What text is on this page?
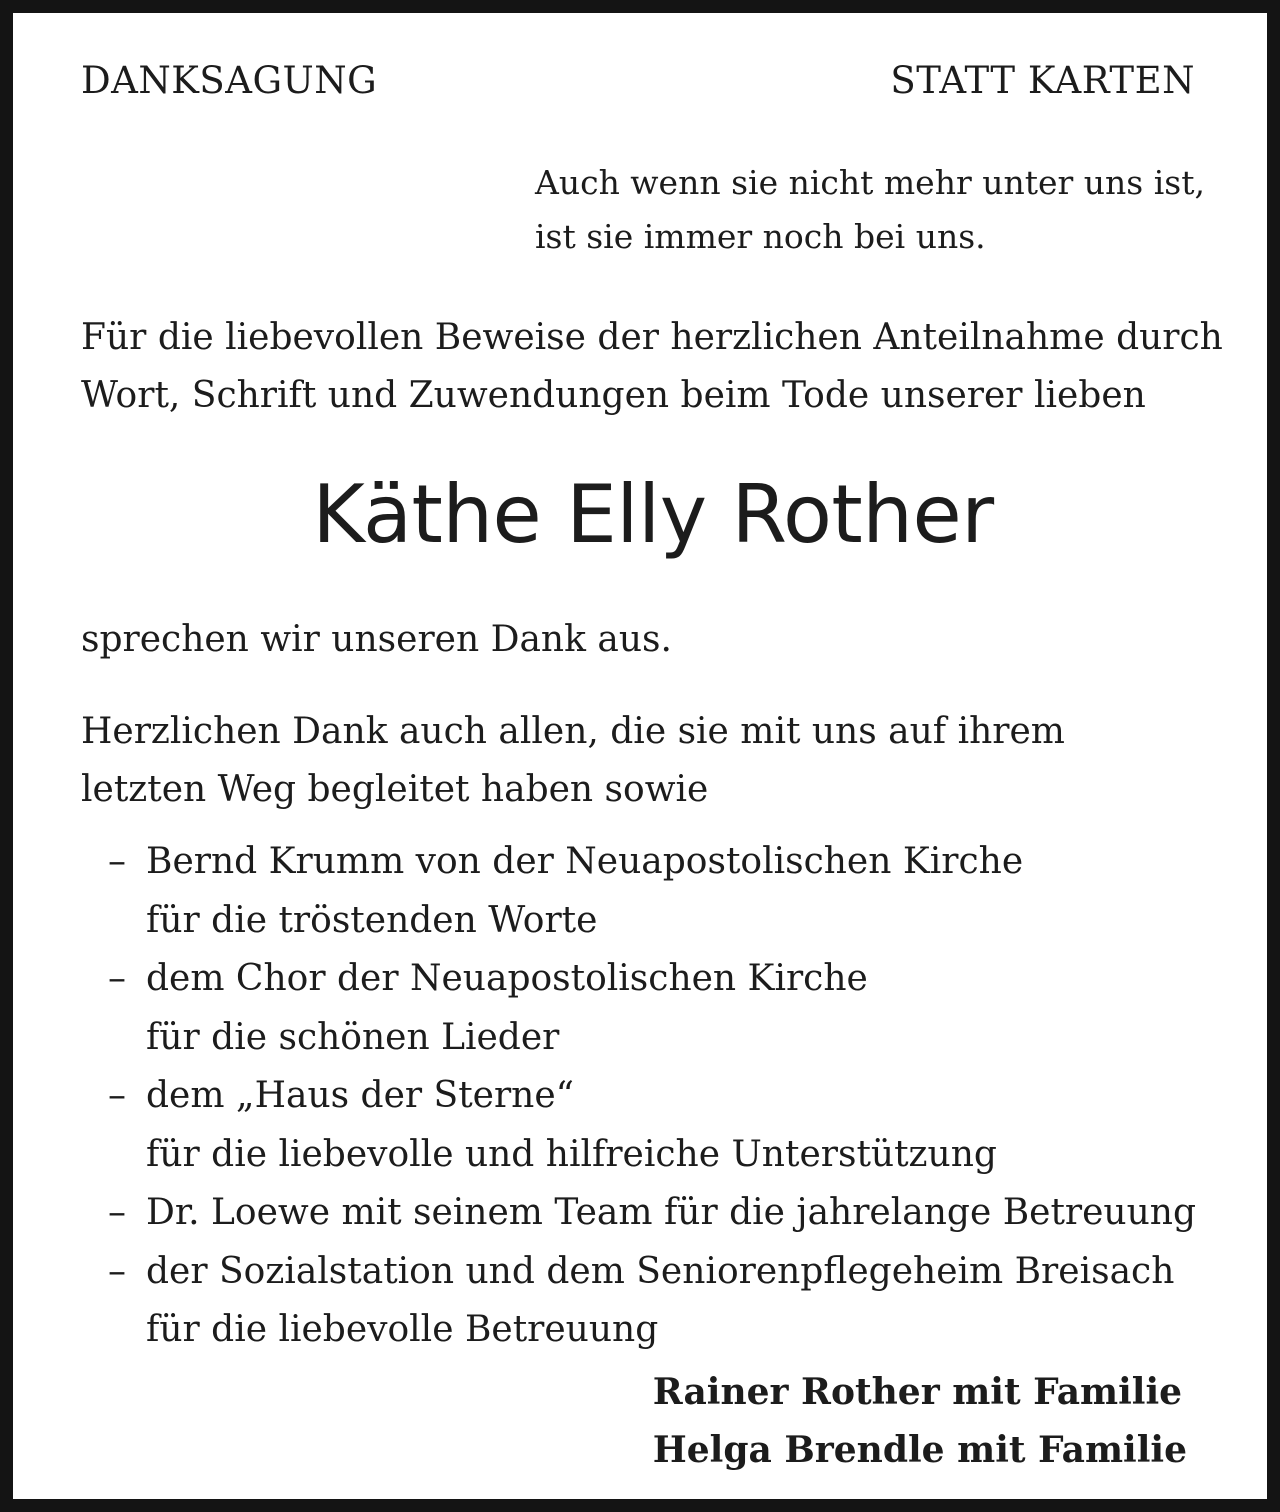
DANKSAGUNG	STATT KARTEN
Auch wenn sie nicht mehr unter uns ist,
ist sie immer noch bei uns.
Für die liebevollen Beweise der herzlichen Anteilnahme durch
Wort, Schrift und Zuwendungen beim Tode unserer lieben
Käthe Elly Rother
sprechen wir unseren Dank aus.
Herzlichen Dank auch allen, die sie mit uns auf ihrem
letzten Weg begleitet haben sowie
– Bernd Krumm von der Neuapostolischen Kirche
für die tröstenden Worte
– dem Chor der Neuapostolischen Kirche
für die schönen Lieder
– dem „Haus der Sterne“
für die liebevolle und hilfreiche Unterstützung
– Dr. Loewe mit seinem Team für die jahrelange Betreuung
– der Sozialstation und dem Seniorenpflegeheim Breisach
für die liebevolle Betreuung
Rainer Rother mit Familie
Helga Brendle mit Familie
